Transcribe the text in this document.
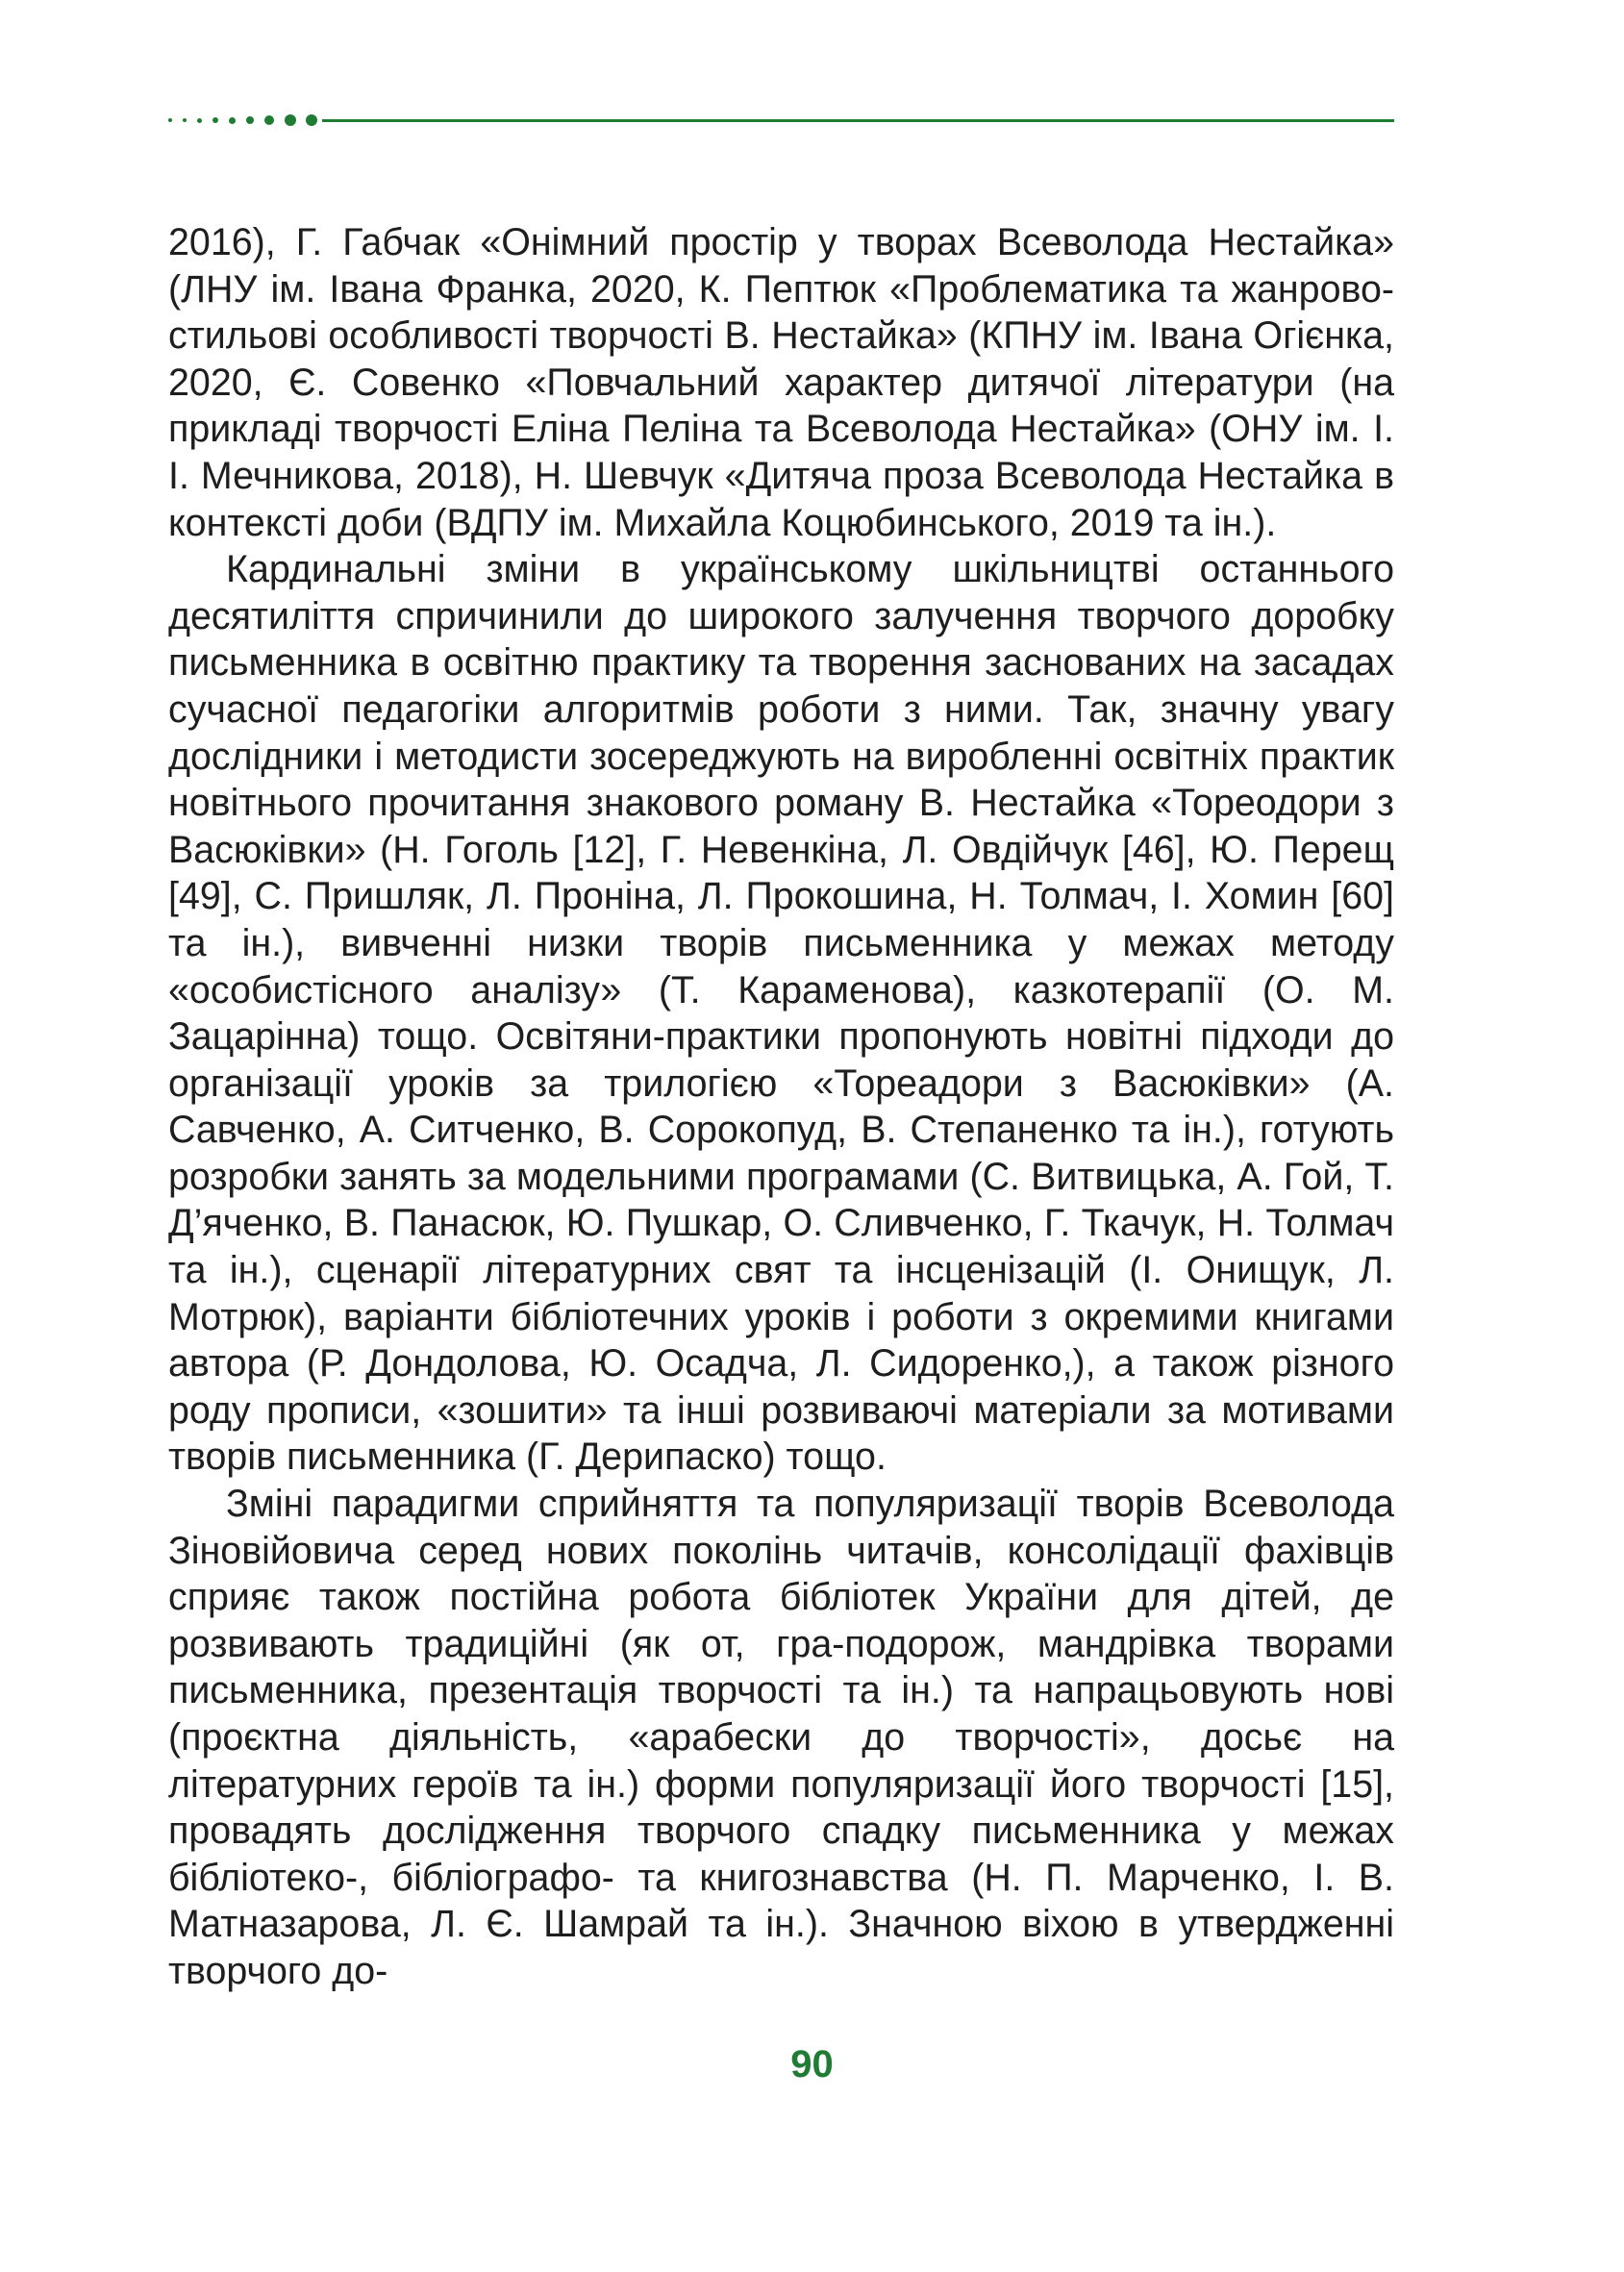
2016), Г. Габчак «Онімний простір у творах Всеволода Нестайка» (ЛНУ ім. Івана Франка, 2020, К. Пептюк «Проблематика та жанрово-стильові особливості творчості В. Нестайка» (КПНУ ім. Івана Огієнка, 2020, Є. Совенко «Повчальний характер дитячої літератури (на прикладі творчості Еліна Пеліна та Всеволода Нестайка» (ОНУ ім. І. І. Мечникова, 2018), Н. Шевчук «Дитяча проза Всеволода Нестайка в контексті доби (ВДПУ ім. Михайла Коцюбинського, 2019 та ін.).

Кардинальні зміни в українському шкільництві останнього десятиліття спричинили до широкого залучення творчого доробку письменника в освітню практику та творення заснованих на засадах сучасної педагогіки алгоритмів роботи з ними. Так, значну увагу дослідники і методисти зосереджують на виробленні освітніх практик новітнього прочитання знакового роману В. Нестайка «Тореодори з Васюківки» (Н. Гоголь [12], Г. Невенкіна, Л. Овдійчук [46], Ю. Перещ [49], С. Пришляк, Л. Проніна, Л. Прокошина, Н. Толмач, І. Хомин [60] та ін.), вивченні низки творів письменника у межах методу «особистісного аналізу» (Т. Караменова), казкотерапії (О. М. Зацарінна) тощо. Освітяни-практики пропонують новітні підходи до організації уроків за трилогією «Тореадори з Васюківки» (А. Савченко, А. Ситченко, В. Сорокопуд, В. Степаненко та ін.), готують розробки занять за модельними програмами (С. Витвицька, А. Гой, Т. Д’яченко, В. Панасюк, Ю. Пушкар, О. Сливченко, Г. Ткачук, Н. Толмач та ін.), сценарії літературних свят та інсценізацій (І. Онищук, Л. Мотрюк), варіанти бібліотечних уроків і роботи з окремими книгами автора (Р. Дондолова, Ю. Осадча, Л. Сидоренко,), а також різного роду прописи, «зошити» та інші розвиваючі матеріали за мотивами творів письменника (Г. Дерипаско) тощо.

Зміні парадигми сприйняття та популяризації творів Всеволода Зіновійовича серед нових поколінь читачів, консолідації фахівців сприяє також постійна робота бібліотек України для дітей, де розвивають традиційні (як от, гра-подорож, мандрівка творами письменника, презентація творчості та ін.) та напрацьовують нові (проєктна діяльність, «арабески до творчості», досьє на літературних героїв та ін.) форми популяризації його творчості [15], провадять дослідження творчого спадку письменника у межах бібліотеко-, бібліографо- та книгознавства (Н. П. Марченко, І. В. Матназарова, Л. Є. Шамрай та ін.). Значною віхою в утвердженні творчого до-

90
